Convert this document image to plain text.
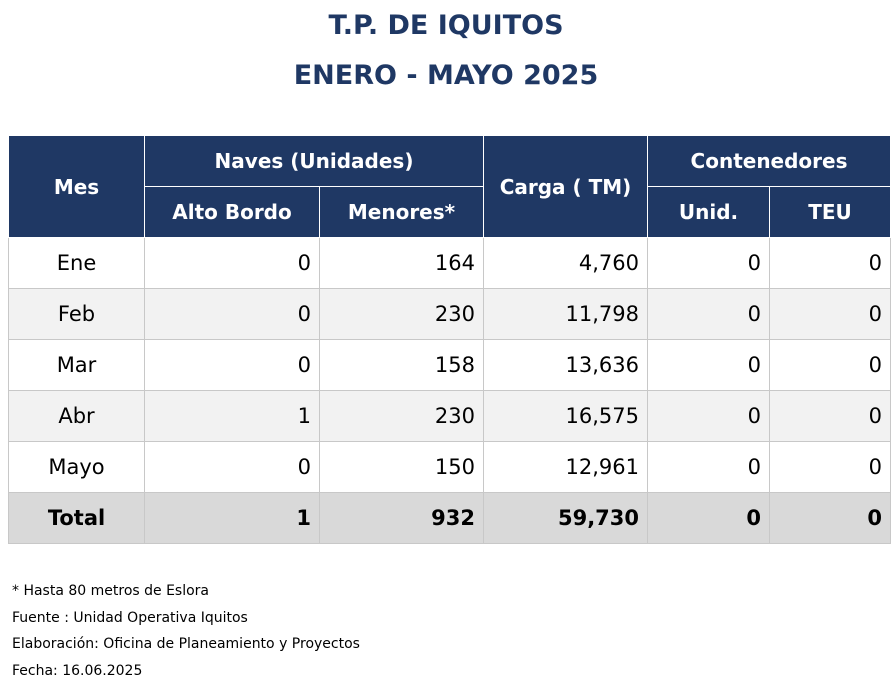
T.P. DE IQUITOS
ENERO - MAYO 2025
Mes	Naves (Unidades)		Carga ( TM)	Contenedores	
	Alto Bordo	Menores*		Unid.	TEU
Ene	0	164	4,760	0	0
Feb	0	230	11,798	0	0
Mar	0	158	13,636	0	0
Abr	1	230	16,575	0	0
Mayo	0	150	12,961	0	0
Total	1	932	59,730	0	0
* Hasta 80 metros de Eslora
Fuente : Unidad Operativa Iquitos
Elaboración: Oficina de Planeamiento y Proyectos
Fecha: 16.06.2025
